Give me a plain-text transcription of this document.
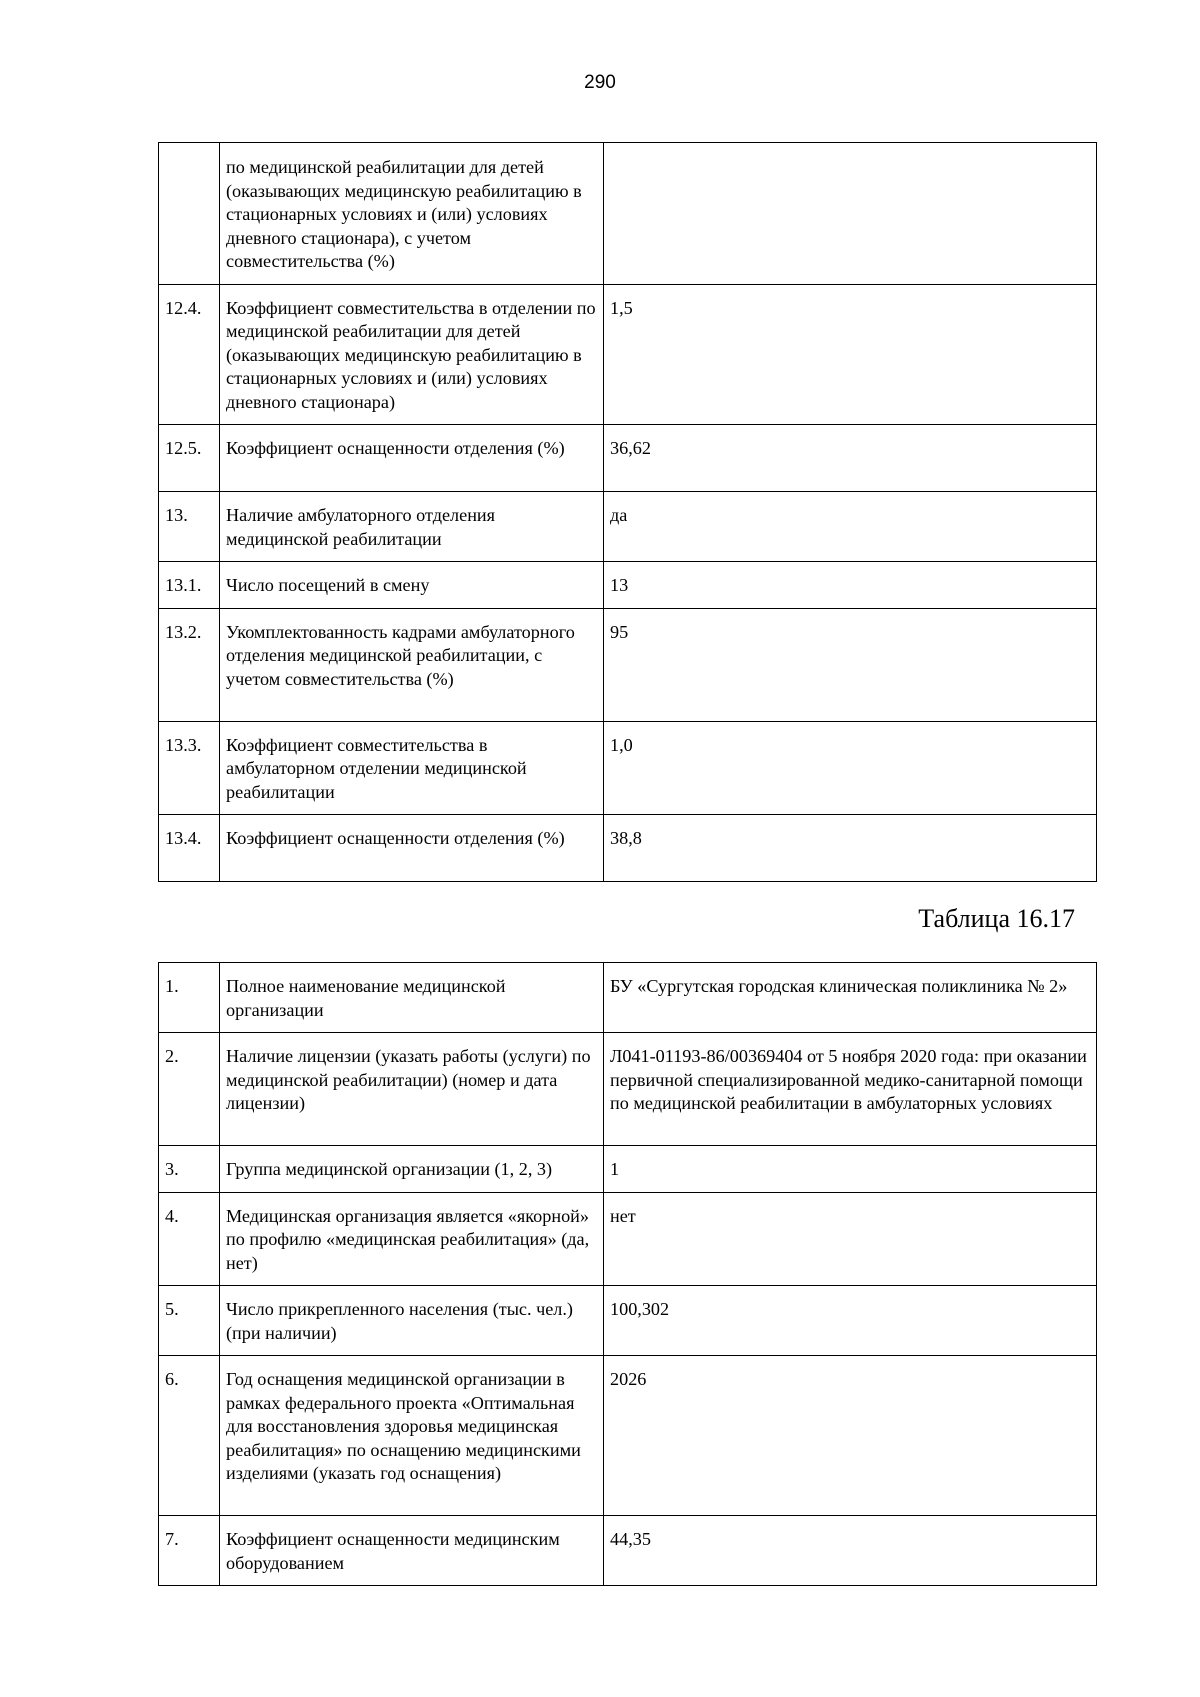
290
	по медицинской реабилитации для детей (оказывающих медицинскую реабилитацию в стационарных условиях и (или) условиях дневного стационара), с учетом совместительства (%)	
12.4.	Коэффициент совместительства в отделении по медицинской реабилитации для детей (оказывающих медицинскую реабилитацию в стационарных условиях и (или) условиях дневного стационара)	1,5
12.5.	Коэффициент оснащенности отделения (%)	36,62
13.	Наличие амбулаторного отделения медицинской реабилитации	да
13.1.	Число посещений в смену	13
13.2.	Укомплектованность кадрами амбулаторного отделения медицинской реабилитации, с учетом совместительства (%)	95
13.3.	Коэффициент совместительства в амбулаторном отделении медицинской реабилитации	1,0
13.4.	Коэффициент оснащенности отделения (%)	38,8
Таблица 16.17
1.	Полное наименование медицинской организации	БУ «Сургутская городская клиническая поликлиника № 2»
2.	Наличие лицензии (указать работы (услуги) по медицинской реабилитации) (номер и дата лицензии)	Л041-01193-86/00369404 от 5 ноября 2020 года: при оказании первичной специализированной медико-санитарной помощи по медицинской реабилитации в амбулаторных условиях
3.	Группа медицинской организации (1, 2, 3)	1
4.	Медицинская организация является «якорной» по профилю «медицинская реабилитация» (да, нет)	нет
5.	Число прикрепленного населения (тыс. чел.) (при наличии)	100,302
6.	Год оснащения медицинской организации в рамках федерального проекта «Оптимальная для восстановления здоровья медицинская реабилитация» по оснащению медицинскими изделиями (указать год оснащения)	2026
7.	Коэффициент оснащенности медицинским оборудованием	44,35
